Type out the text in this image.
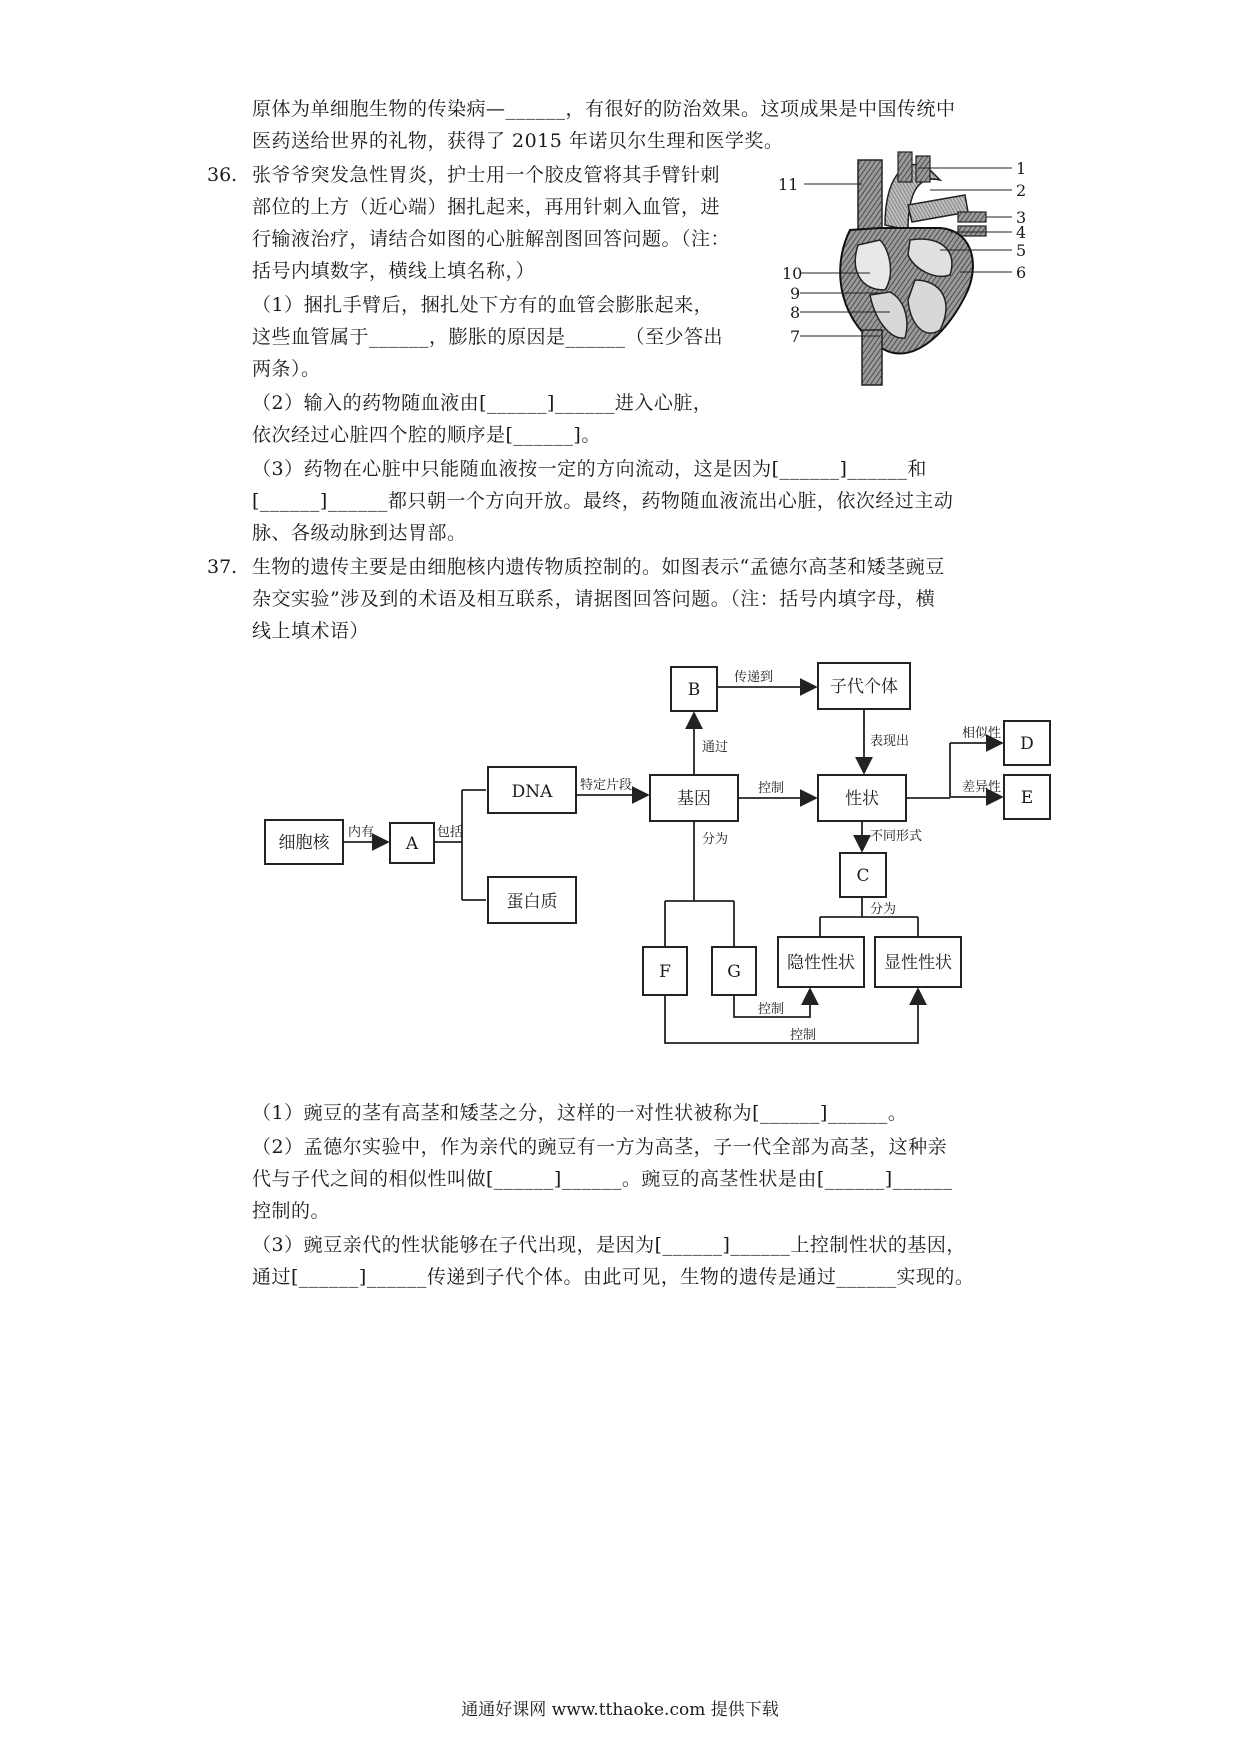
原体为单细胞生物的传染病—______，有很好的防治效果。这项成果是中国传统中
医药送给世界的礼物，获得了 2015 年诺贝尔生理和医学奖。
36. 张爷爷突发急性胃炎，护士用一个胶皮管将其手臂针刺
部位的上方（近心端）捆扎起来，再用针刺入血管，进
行输液治疗，请结合如图的心脏解剖图回答问题。（注：
括号内填数字，横线上填名称，）
（1）捆扎手臂后，捆扎处下方有的血管会膨胀起来，
这些血管属于______，膨胀的原因是______（至少答出
两条）。
（2）输入的药物随血液由[______]______进入心脏，
依次经过心脏四个腔的顺序是[______]。
（3）药物在心脏中只能随血液按一定的方向流动，这是因为[______]______和
[______]______都只朝一个方向开放。最终，药物随血液流出心脏，依次经过主动
脉、各级动脉到达胃部。
1
2
3
4
5
6
7
8
9
10
11
37. 生物的遗传主要是由细胞核内遗传物质控制的。如图表示“孟德尔高茎和矮茎豌豆
杂交实验”涉及到的术语及相互联系，请据图回答问题。（注：括号内填字母，横
线上填术语）
细胞核	A
DNA
蛋白质
基因
B	子代个体
性状
D
E
C
F	G	隐性性状 显性性状
内有	包括
特定片段
通过
传递到
表现出
控制
相似性
差异性
不同形式
分为
分为
控制
控制
（1）豌豆的茎有高茎和矮茎之分，这样的一对性状被称为[______]______。
（2）孟德尔实验中，作为亲代的豌豆有一方为高茎，子一代全部为高茎，这种亲
代与子代之间的相似性叫做[______]______。豌豆的高茎性状是由[______]______
控制的。
（3）豌豆亲代的性状能够在子代出现，是因为[______]______上控制性状的基因，
通过[______]______传递到子代个体。由此可见，生物的遗传是通过______实现的。
通通好课网 www.tthaoke.com 提供下载
